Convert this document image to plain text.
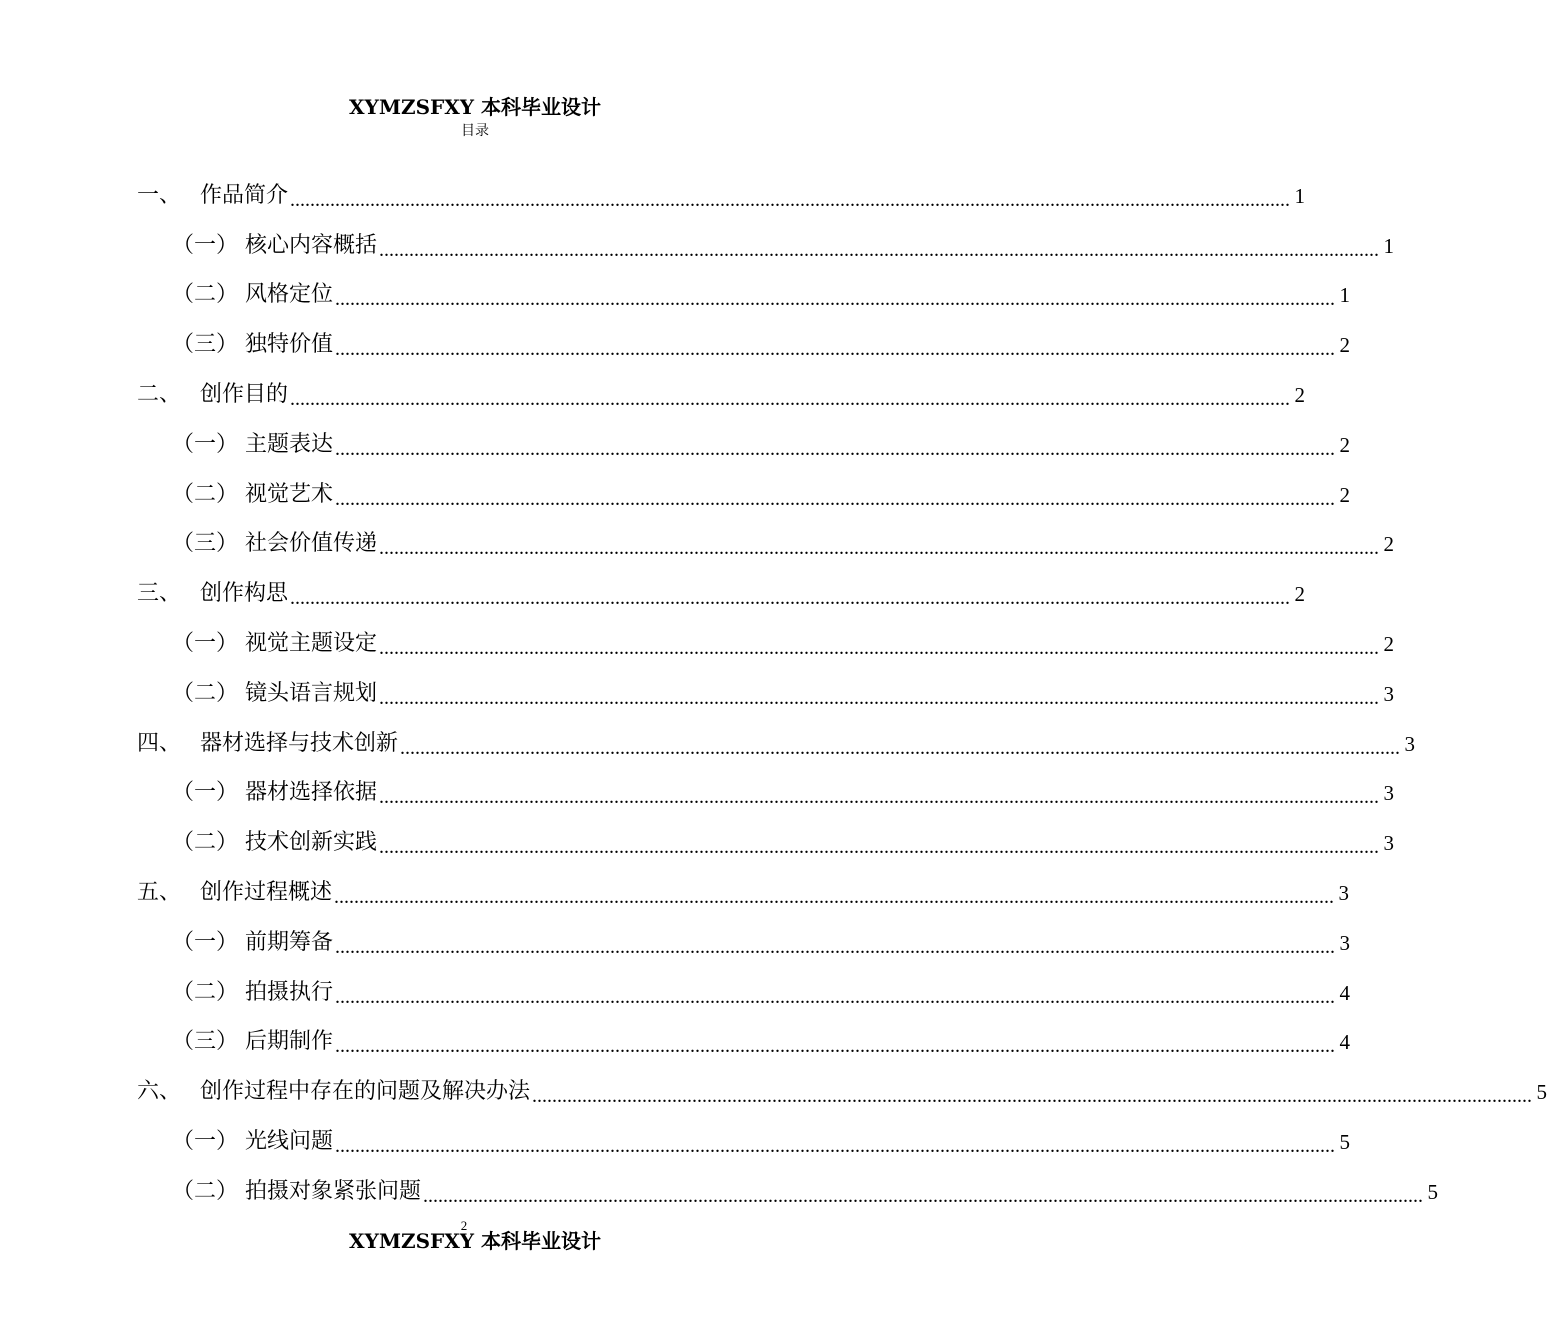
XYMZSFXY 本科毕业设计
目录
一、 作品简介 ........................................................................................................................................................................................................ 1
（一） 核心内容概括 ........................................................................................................................................................................................................ 1
（二） 风格定位 ........................................................................................................................................................................................................ 1
（三） 独特价值 ........................................................................................................................................................................................................ 2
二、 创作目的 ........................................................................................................................................................................................................ 2
（一） 主题表达 ........................................................................................................................................................................................................ 2
（二） 视觉艺术 ........................................................................................................................................................................................................ 2
（三） 社会价值传递 ........................................................................................................................................................................................................ 2
三、 创作构思 ........................................................................................................................................................................................................ 2
（一） 视觉主题设定 ........................................................................................................................................................................................................ 2
（二） 镜头语言规划 ........................................................................................................................................................................................................ 3
四、 器材选择与技术创新 ........................................................................................................................................................................................................ 3
（一） 器材选择依据 ........................................................................................................................................................................................................ 3
（二） 技术创新实践 ........................................................................................................................................................................................................ 3
五、 创作过程概述 ........................................................................................................................................................................................................ 3
（一） 前期筹备 ........................................................................................................................................................................................................ 3
（二） 拍摄执行 ........................................................................................................................................................................................................ 4
（三） 后期制作 ........................................................................................................................................................................................................ 4
六、 创作过程中存在的问题及解决办法 ........................................................................................................................................................................................................ 5
（一） 光线问题 ........................................................................................................................................................................................................ 5
（二） 拍摄对象紧张问题 ........................................................................................................................................................................................................ 5
2
XYMZSFXY 本科毕业设计
